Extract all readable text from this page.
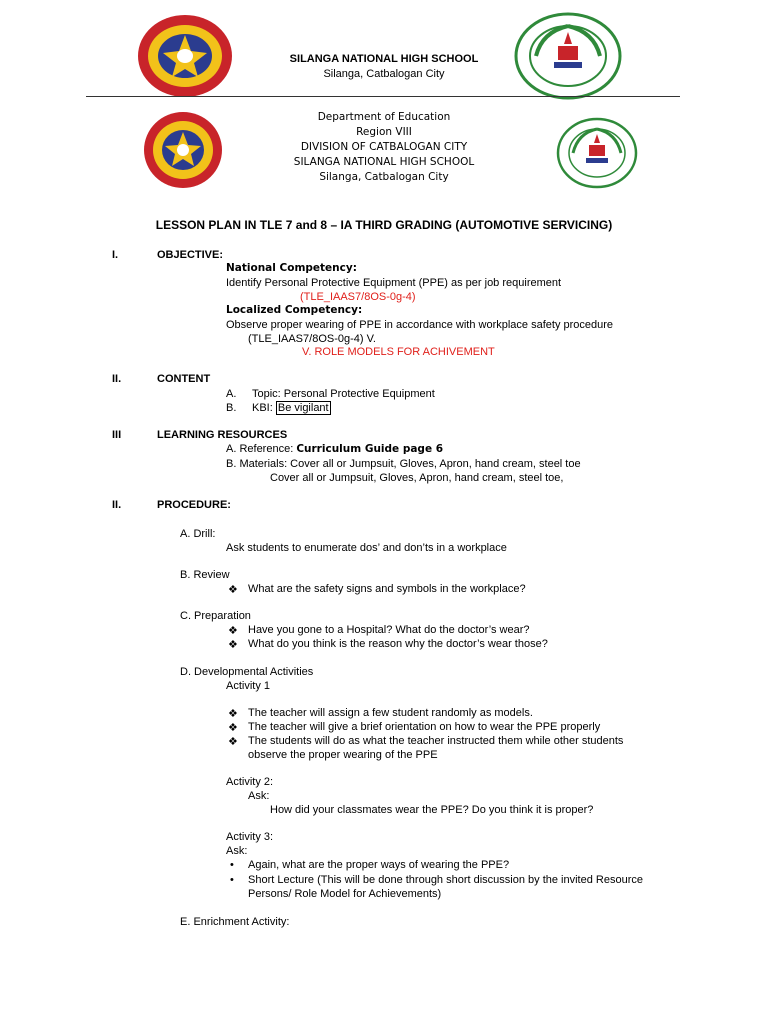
SILANGA NATIONAL HIGH SCHOOL
Silanga, Catbalogan City
Department of Education
Region VIII
DIVISION OF CATBALOGAN CITY
SILANGA NATIONAL HIGH SCHOOL
Silanga, Catbalogan City
LESSON PLAN IN TLE 7 and 8 – IA THIRD GRADING (AUTOMOTIVE SERVICING)
I.	OBJECTIVE:
National Competency:
Identify Personal Protective Equipment (PPE) as per job requirement
(TLE_IAAS7/8OS-0g-4)
Localized Competency:
Observe proper wearing of PPE in accordance with workplace safety procedure
(TLE_IAAS7/8OS-0g-4) V.
V. ROLE MODELS FOR ACHIVEMENT
II.	CONTENT
A. Topic: Personal Protective Equipment
B. KBI: Be vigilant
III	LEARNING RESOURCES
A. Reference: Curriculum Guide page 6
B. Materials: Cover all or Jumpsuit, Gloves, Apron, hand cream, steel toe
Cover all or Jumpsuit, Gloves, Apron, hand cream, steel toe,
II.	PROCEDURE:
A. Drill:
Ask students to enumerate dos’ and don’ts in a workplace
B. Review
❖ What are the safety signs and symbols in the workplace?
C. Preparation
❖ Have you gone to a Hospital? What do the doctor’s wear?
❖ What do you think is the reason why the doctor’s wear those?
D. Developmental Activities
Activity 1
❖ The teacher will assign a few student randomly as models.
❖ The teacher will give a brief orientation on how to wear the PPE properly
❖ The students will do as what the teacher instructed them while other students
observe the proper wearing of the PPE
Activity 2:
Ask:
How did your classmates wear the PPE? Do you think it is proper?
Activity 3:
Ask:
• Again, what are the proper ways of wearing the PPE?
• Short Lecture (This will be done through short discussion by the invited Resource
Persons/ Role Model for Achievements)
E. Enrichment Activity:
